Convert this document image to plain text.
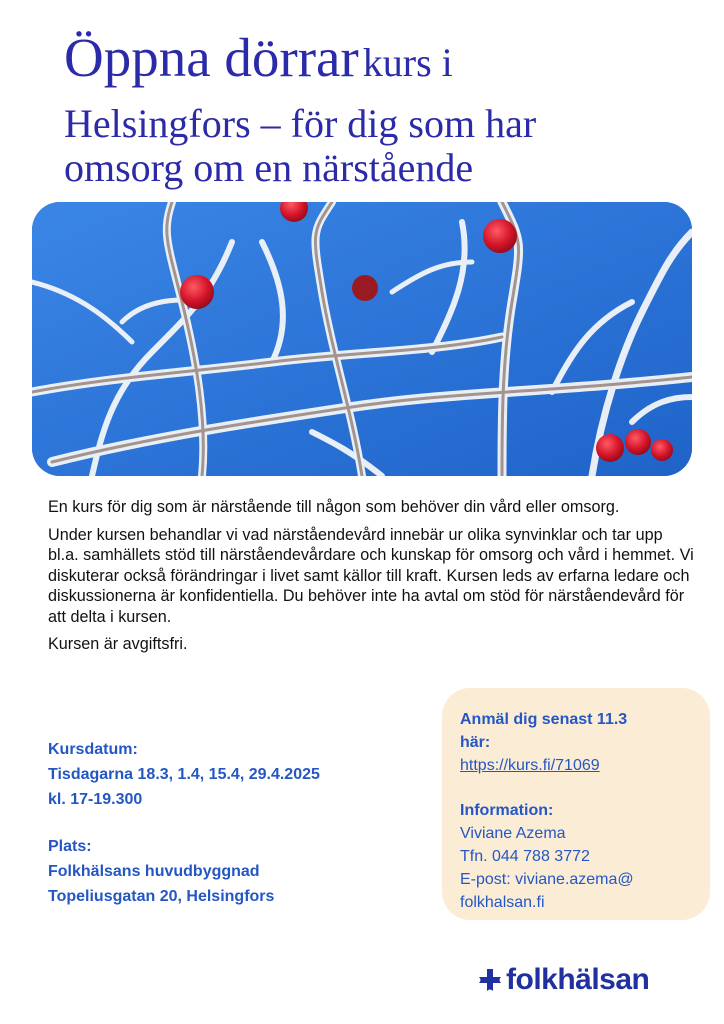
Öppna dörrar kurs i
Helsingfors – för dig som har
omsorg om en närstående

En kurs för dig som är närstående till någon som behöver din vård eller omsorg.

Under kursen behandlar vi vad närståendevård innebär ur olika synvinklar och tar upp bl.a. samhällets stöd till närståendevårdare och kunskap för omsorg och vård i hemmet. Vi diskuterar också förändringar i livet samt källor till kraft. Kursen leds av erfarna ledare och diskussionerna är konfidentiella. Du behöver inte ha avtal om stöd för närståendevård för att delta i kursen.

Kursen är avgiftsfri.

Kursdatum:
Tisdagarna 18.3, 1.4, 15.4, 29.4.2025
kl. 17-19.300
Plats:
Folkhälsans huvudbyggnad
Topeliusgatan 20, Helsingfors
Anmäl dig senast 11.3
här:
https://kurs.fi/71069
Information:
Viviane Azema
Tfn. 044 788 3772
E-post: viviane.azema@
folkhalsan.fi
folkhälsan
